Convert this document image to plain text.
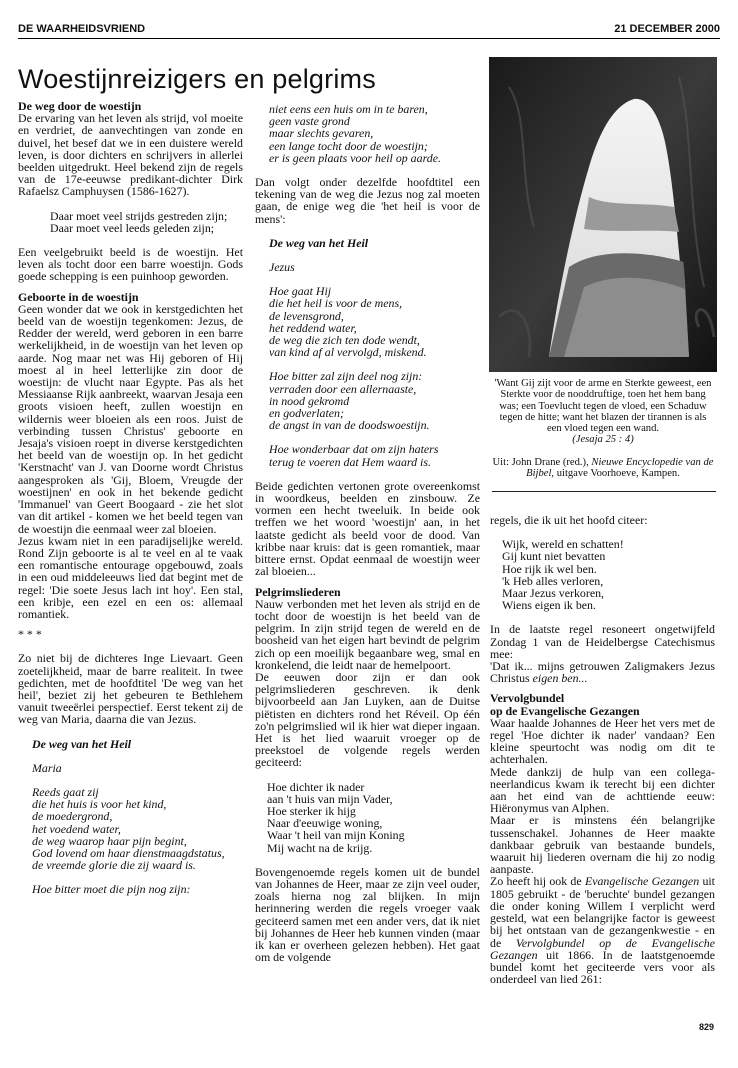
DE WAARHEIDSVRIEND	21 DECEMBER 2000
Woestijnreizigers en pelgrims

De weg door de woestijn

De ervaring van het leven als strijd, vol moeite en verdriet, de aanvechtingen van zonde en duivel, het besef dat we in een duistere wereld leven, is door dichters en schrijvers in allerlei beelden uitgedrukt. Heel bekend zijn de regels van de 17e-eeuwse predikant-dichter Dirk Rafaelsz Camphuysen (1586-1627).

Daar moet veel strijds gestreden zijn;

Daar moet veel leeds geleden zijn;

Een veelgebruikt beeld is de woestijn. Het leven als tocht door een barre woestijn. Gods goede schepping is een puinhoop geworden.

Geboorte in de woestijn

Geen wonder dat we ook in kerstgedichten het beeld van de woestijn tegenkomen: Jezus, de Redder der wereld, werd geboren in een barre werkelijkheid, in de woestijn van het leven op aarde. Nog maar net was Hij geboren of Hij moest al in heel letterlijke zin door de woestijn: de vlucht naar Egypte. Pas als het Messiaanse Rijk aanbreekt, waarvan Jesaja een groots visioen heeft, zullen woestijn en wildernis weer bloeien als een roos. Juist de verbinding tussen Christus' geboorte en Jesaja's visioen roept in diverse kerstgedichten het beeld van de woestijn op. In het gedicht 'Kerstnacht' van J. van Doorne wordt Christus aangesproken als 'Gij, Bloem, Vreugde der woestijnen' en ook in het bekende gedicht 'Immanuel' van Geert Boogaard - zie het slot van dit artikel - komen we het beeld tegen van de woestijn die eenmaal weer zal bloeien.

Jezus kwam niet in een paradijselijke wereld. Rond Zijn geboorte is al te veel en al te vaak een romantische entourage opgebouwd, zoals in een oud middeleeuws lied dat begint met de regel: 'Die soete Jesus lach int hoy'. Een stal, een kribje, een ezel en een os: allemaal romantiek.

* * *

Zo niet bij de dichteres Inge Lievaart. Geen zoetelijkheid, maar de barre realiteit. In twee gedichten, met de hoofdtitel 'De weg van het heil', beziet zij het gebeuren te Bethlehem vanuit tweeërlei perspectief. Eerst tekent zij de weg van Maria, daarna die van Jezus.

De weg van het Heil

Maria

Reeds gaat zij

die het huis is voor het kind,

de moedergrond,

het voedend water,

de weg waarop haar pijn begint,

God lovend om haar dienstmaagdstatus,

de vreemde glorie die zij waard is.

Hoe bitter moet die pijn nog zijn:

niet eens een huis om in te baren,

geen vaste grond

maar slechts gevaren,

een lange tocht door de woestijn;

er is geen plaats voor heil op aarde.

Dan volgt onder dezelfde hoofdtitel een tekening van de weg die Jezus nog zal moeten gaan, de enige weg die 'het heil is voor de mens':

De weg van het Heil

Jezus

Hoe gaat Hij

die het heil is voor de mens,

de levensgrond,

het reddend water,

de weg die zich ten dode wendt,

van kind af al vervolgd, miskend.

Hoe bitter zal zijn deel nog zijn:

verraden door een allernaaste,

in nood gekromd

en godverlaten;

de angst in van de doodswoestijn.

Hoe wonderbaar dat om zijn haters

terug te voeren dat Hem waard is.

Beide gedichten vertonen grote overeenkomst in woordkeus, beelden en zinsbouw. Ze vormen een hecht tweeluik. In beide ook treffen we het woord 'woestijn' aan, in het laatste gedicht als beeld voor de dood. Van kribbe naar kruis: dat is geen romantiek, maar bittere ernst. Opdat eenmaal de woestijn weer zal bloeien...

Pelgrimsliederen

Nauw verbonden met het leven als strijd en de tocht door de woestijn is het beeld van de pelgrim. In zijn strijd tegen de wereld en de boosheid van het eigen hart bevindt de pelgrim zich op een moeilijk begaanbare weg, smal en kronkelend, die leidt naar de hemelpoort.

De eeuwen door zijn er dan ook pelgrimsliederen geschreven. ik denk bijvoorbeeld aan Jan Luyken, aan de Duitse piëtisten en dichters rond het Réveil. Op één zo'n pelgrimslied wil ik hier wat dieper ingaan. Het is het lied waaruit vroeger op de preekstoel de volgende regels werden geciteerd:

Hoe dichter ik nader

aan 't huis van mijn Vader,

Hoe sterker ik hijg

Naar d'eeuwige woning,

Waar 't heil van mijn Koning

Mij wacht na de krijg.

Bovengenoemde regels komen uit de bundel van Johannes de Heer, maar ze zijn veel ouder, zoals hierna nog zal blijken. In mijn herinnering werden die regels vroeger vaak geciteerd samen met een ander vers, dat ik niet bij Johannes de Heer heb kunnen vinden (maar ik kan er overheen gelezen hebben). Het gaat om de volgende

'Want Gij zijt voor de arme en Sterkte geweest, een Sterkte voor de nooddruftige, toen het hem bang was; een Toevlucht tegen de vloed, een Schaduw tegen de hitte; want het blazen der tirannen is als een vloed tegen een wand.
(Jesaja 25 : 4)
Uit: John Drane (red.), Nieuwe Encyclopedie van de Bijbel, uitgave Voorhoeve, Kampen.

regels, die ik uit het hoofd citeer:

Wijk, wereld en schatten!

Gij kunt niet bevatten

Hoe rijk ik wel ben.

'k Heb alles verloren,

Maar Jezus verkoren,

Wiens eigen ik ben.

In de laatste regel resoneert ongetwijfeld Zondag 1 van de Heidelbergse Catechismus mee:

'Dat ik... mijns getrouwen Zaligmakers Jezus Christus eigen ben...

Vervolgbundel

op de Evangelische Gezangen

Waar haalde Johannes de Heer het vers met de regel 'Hoe dichter ik nader' vandaan? Een kleine speurtocht was nodig om dit te achterhalen.

Mede dankzij de hulp van een collega-neerlandicus kwam ik terecht bij een dichter aan het eind van de achttiende eeuw: Hiëronymus van Alphen.

Maar er is minstens één belangrijke tussenschakel. Johannes de Heer maakte dankbaar gebruik van bestaande bundels, waaruit hij liederen overnam die hij zo nodig aanpaste.

Zo heeft hij ook de Evangelische Gezangen uit 1805 gebruikt - de 'beruchte' bundel gezangen die onder koning Willem I verplicht werd gesteld, wat een belangrijke factor is geweest bij het ontstaan van de gezangenkwestie - en de Vervolgbundel op de Evangelische Gezangen uit 1866. In de laatstgenoemde bundel komt het geciteerde vers voor als onderdeel van lied 261:

829
